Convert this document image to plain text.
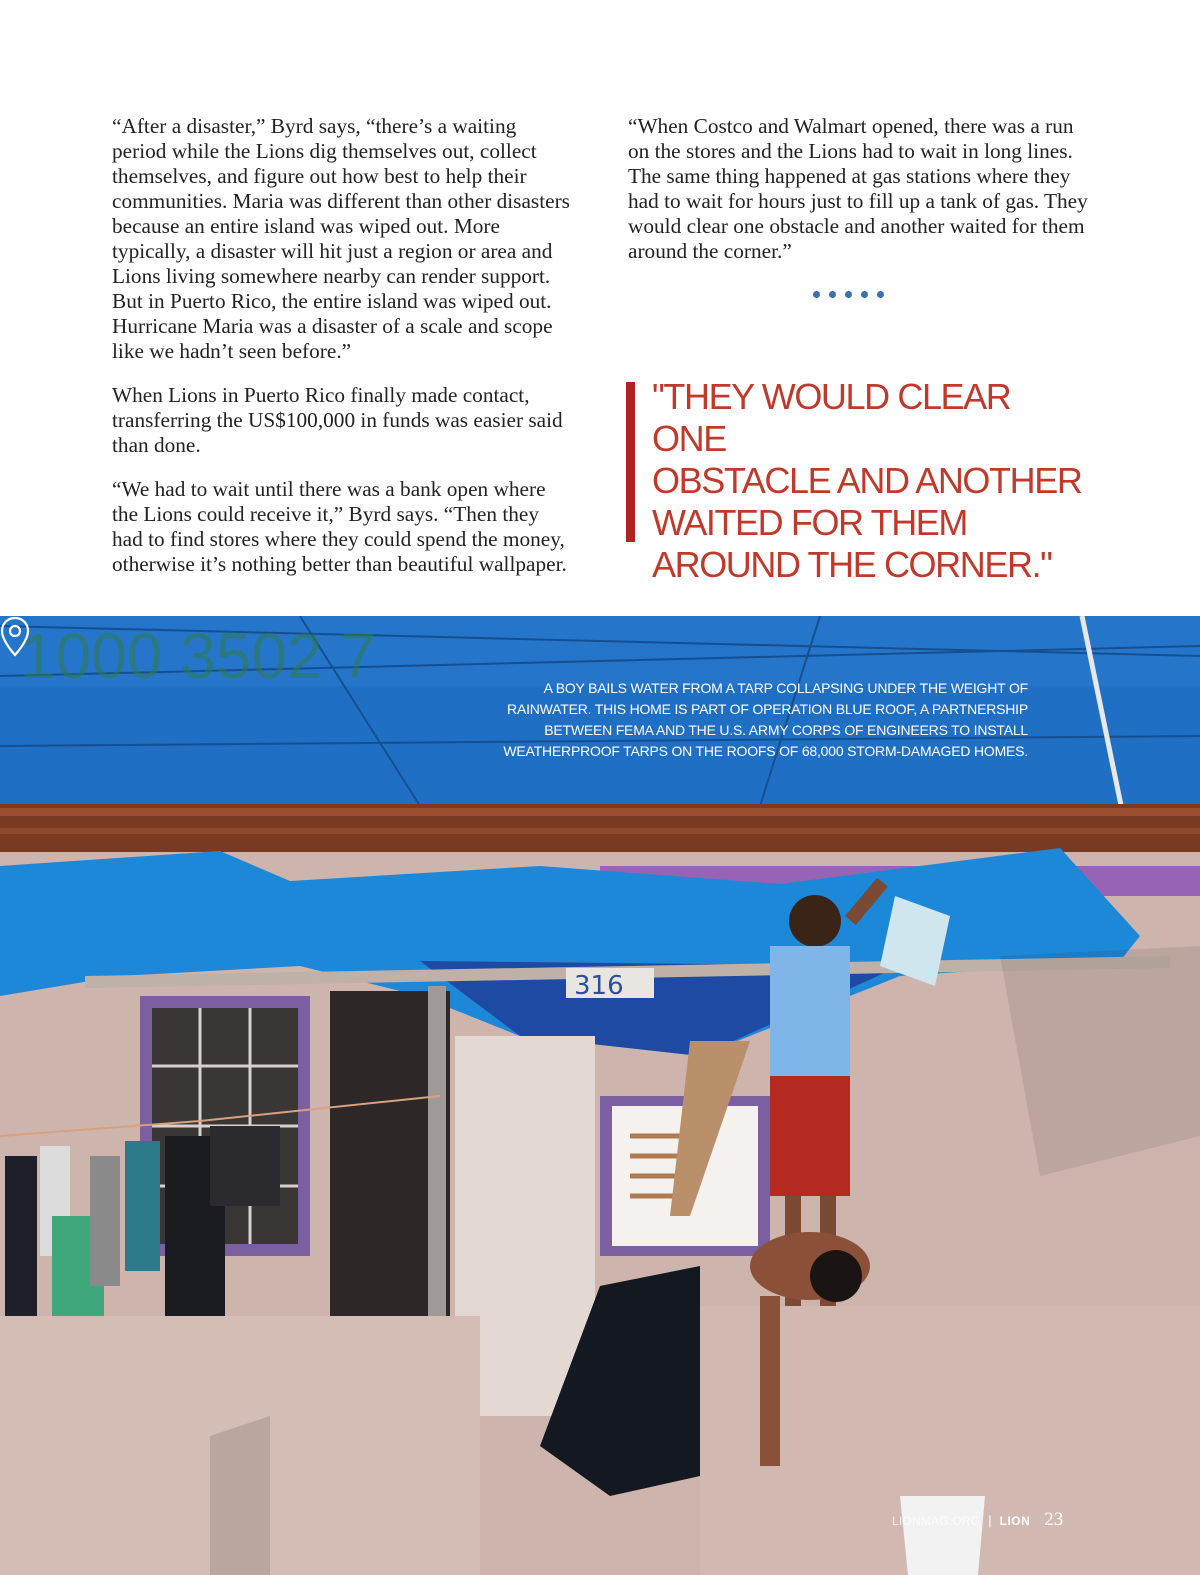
“After a disaster,” Byrd says, “there’s a waiting period while the Lions dig themselves out, collect themselves, and figure out how best to help their communities. Maria was different than other disasters because an entire island was wiped out. More typically, a disaster will hit just a region or area and Lions living somewhere nearby can render support. But in Puerto Rico, the entire island was wiped out. Hurricane Maria was a disaster of a scale and scope like we hadn’t seen before.”

When Lions in Puerto Rico finally made contact, transferring the US$100,000 in funds was easier said than done.

“We had to wait until there was a bank open where the Lions could receive it,” Byrd says. “Then they had to find stores where they could spend the money, otherwise it’s nothing better than beautiful wallpaper.

“When Costco and Walmart opened, there was a run on the stores and the Lions had to wait in long lines. The same thing happened at gas stations where they had to wait for hours just to fill up a tank of gas. They would clear one obstacle and another waited for them around the corner.”

"THEY WOULD CLEAR ONE
OBSTACLE AND ANOTHER
WAITED FOR THEM
AROUND THE CORNER."

1000 3502 7
316

A BOY BAILS WATER FROM A TARP COLLAPSING UNDER THE WEIGHT OF RAINWATER. THIS HOME IS PART OF OPERATION BLUE ROOF, A PARTNERSHIP BETWEEN FEMA AND THE U.S. ARMY CORPS OF ENGINEERS TO INSTALL WEATHERPROOF TARPS ON THE ROOFS OF 68,000 STORM-DAMAGED HOMES.

LIONMAG.ORG | LION 23
